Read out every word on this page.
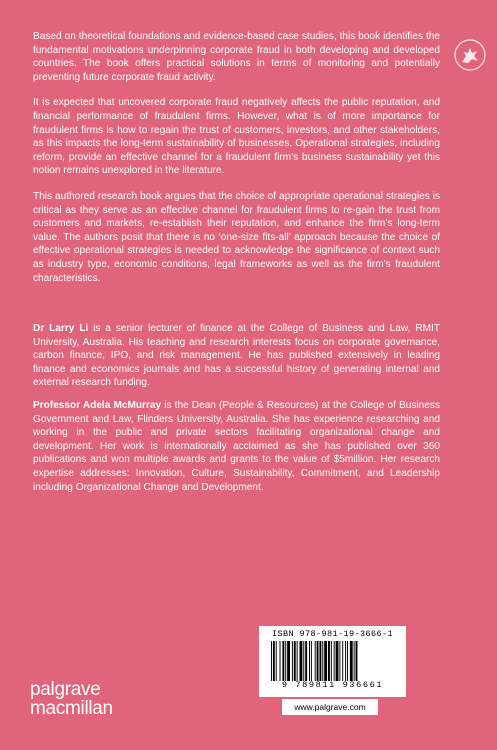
Based on theoretical foundations and evidence-based case studies, this book identifies the fundamental motivations underpinning corporate fraud in both developing and developed countries. The book offers practical solutions in terms of monitoring and potentially preventing future corporate fraud activity.

It is expected that uncovered corporate fraud negatively affects the public reputation, and financial performance of fraudulent firms. However, what is of more importance for fraudulent firms is how to regain the trust of customers, investors, and other stakeholders, as this impacts the long-term sustainability of businesses. Operational strategies, including reform, provide an effective channel for a fraudulent firm’s business sustainability yet this notion remains unexplored in the literature.

This authored research book argues that the choice of appropriate operational strategies is critical as they serve as an effective channel for fraudulent firms to re-gain the trust from customers and markets, re-establish their reputation, and enhance the firm’s long-term value. The authors posit that there is no ‘one-size fits-all’ approach because the choice of effective operational strategies is needed to acknowledge the significance of context such as industry type, economic conditions, legal frameworks as well as the firm’s fraudulent characteristics.

Dr Larry Li is a senior lecturer of finance at the College of Business and Law, RMIT University, Australia. His teaching and research interests focus on corporate governance, carbon finance, IPO, and risk management. He has published extensively in leading finance and economics journals and has a successful history of generating internal and external research funding.

Professor Adela McMurray is the Dean (People & Resources) at the College of Business Government and Law, Flinders University, Australia. She has experience researching and working in the public and private sectors facilitating organizational change and development. Her work is internationally acclaimed as she has published over 360 publications and won multiple awards and grants to the value of $5million. Her research expertise addresses: Innovation, Culture, Sustainability, Commitment, and Leadership including Organizational Change and Development.

ISBN 978-981-19-3666-1
9 789811 936661
www.palgrave.com
palgrave
macmillan
